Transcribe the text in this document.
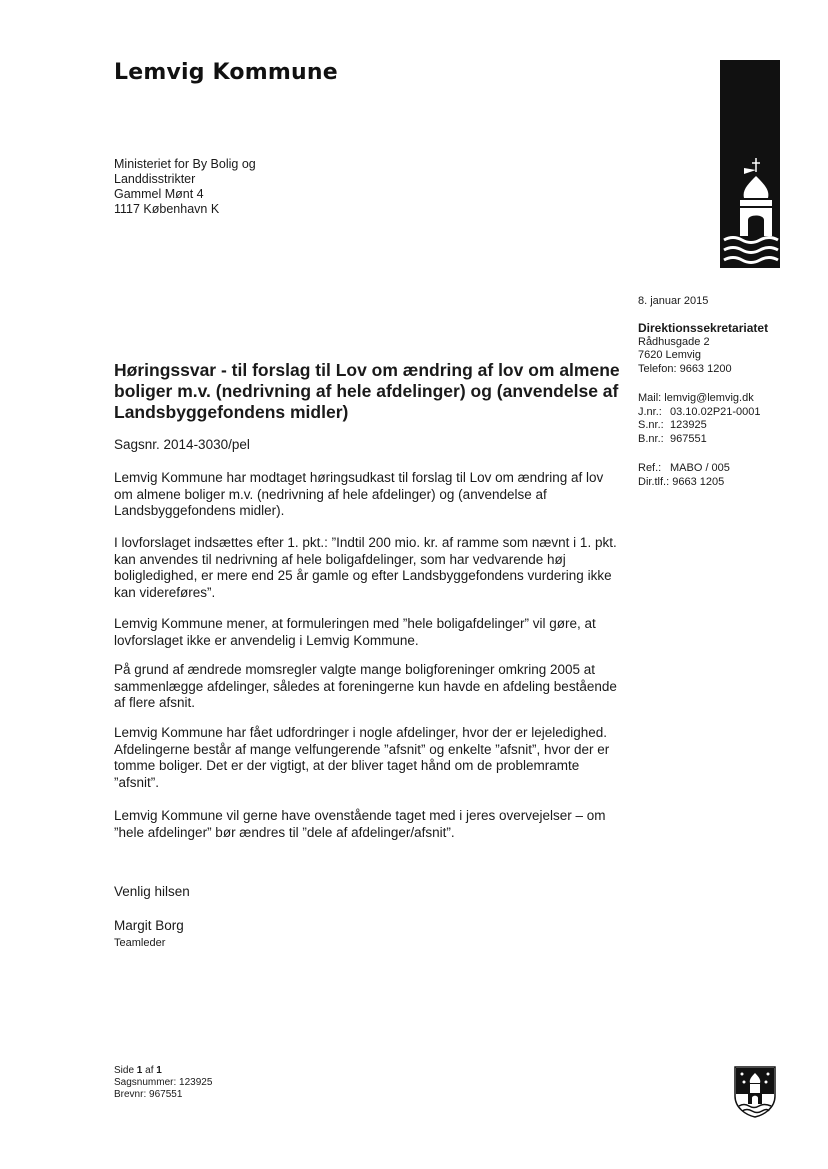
Lemvig Kommune
Ministeriet for By Bolig og
Landdisstrikter
Gammel Mønt 4
1117 København K
8. januar 2015
Direktionssekretariatet
Rådhusgade 2
7620 Lemvig
Telefon: 9663 1200
Mail: lemvig@lemvig.dk
J.nr.: 03.10.02P21-0001
S.nr.: 123925
B.nr.: 967551
Ref.: MABO / 005
Dir.tlf.: 9663 1205
Høringssvar - til forslag til Lov om ændring af lov om almene boliger m.v. (nedrivning af hele afdelinger) og (anvendelse af Landsbyggefondens midler)
Sagsnr. 2014-3030/pel
Lemvig Kommune har modtaget høringsudkast til forslag til Lov om ændring af lov om almene boliger m.v. (nedrivning af hele afdelinger) og (anvendelse af Landsbyggefondens midler).
I lovforslaget indsættes efter 1. pkt.: ”Indtil 200 mio. kr. af ramme som nævnt i 1. pkt. kan anvendes til nedrivning af hele boligafdelinger, som har vedvarende høj boligledighed, er mere end 25 år gamle og efter Landsbyggefondens vurdering ikke kan videreføres”.
Lemvig Kommune mener, at formuleringen med ”hele boligafdelinger” vil gøre, at lovforslaget ikke er anvendelig i Lemvig Kommune.
På grund af ændrede momsregler valgte mange boligforeninger omkring 2005 at sammenlægge afdelinger, således at foreningerne kun havde en afdeling bestående af flere afsnit.
Lemvig Kommune har fået udfordringer i nogle afdelinger, hvor der er lejeledighed. Afdelingerne består af mange velfungerende ”afsnit” og enkelte ”afsnit”, hvor der er tomme boliger. Det er der vigtigt, at der bliver taget hånd om de problemramte ”afsnit”.
Lemvig Kommune vil gerne have ovenstående taget med i jeres overvejelser – om ”hele afdelinger” bør ændres til ”dele af afdelinger/afsnit”.
Venlig hilsen
Margit Borg
Teamleder
Side 1 af 1
Sagsnummer: 123925
Brevnr: 967551
